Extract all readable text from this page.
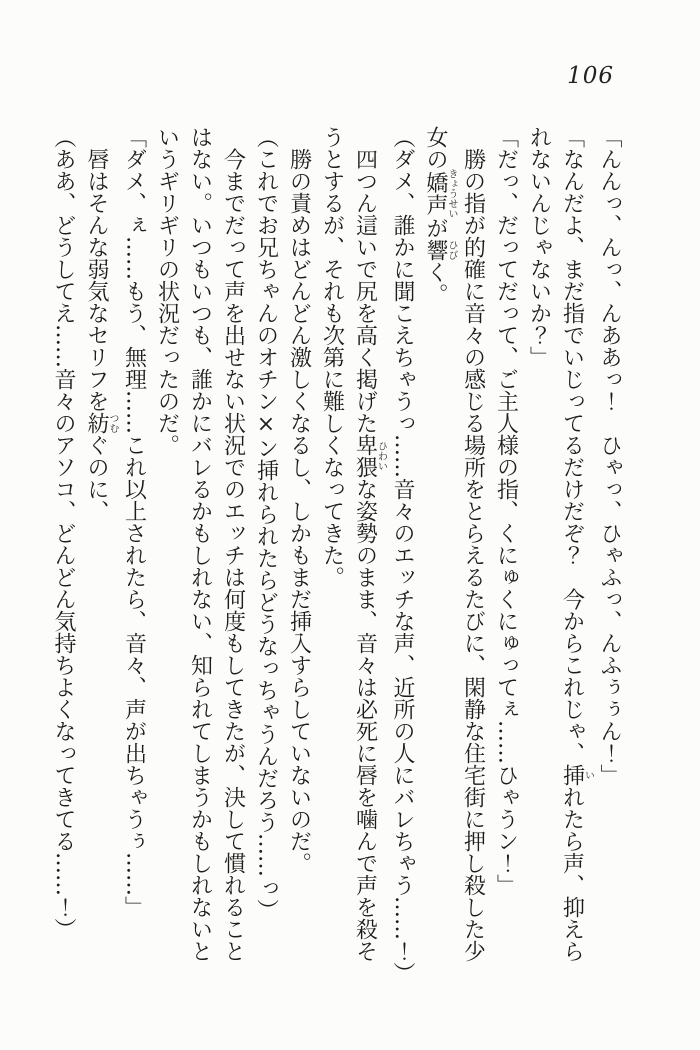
106
「んんっ、んっ、んああっ！　ひゃっ、ひゃふっ、んふぅぅん！」
「なんだよ、まだ指でいじってるだけだぞ？　今からこれじゃ、挿いれたら声、抑えら
れないんじゃないか？」
「だっ、だってだって、ご主人様の指、くにゅくにゅってぇ……ひゃうン！」
　勝の指が的確に音々の感じる場所をとらえるたびに、閑静な住宅街に押し殺した少
女の嬌声きょうせいが響ひびく。
（ダメ、誰かに聞こえちゃうっ……音々のエッチな声、近所の人にバレちゃう……！）
　四つん這いで尻を高く掲げた卑猥ひわいな姿勢のまま、音々は必死に唇を噛んで声を殺そ
うとするが、それも次第に難しくなってきた。
　勝の責めはどんどん激しくなるし、しかもまだ挿入すらしていないのだ。
（これでお兄ちゃんのオチン×ン挿れられたらどうなっちゃうんだろう……っ）
　今までだって声を出せない状況でのエッチは何度もしてきたが、決して慣れること
はない。いつもいつも、誰かにバレるかもしれない、知られてしまうかもしれないと
いうギリギリの状況だったのだ。
「ダメ、ぇ……もう、無理……これ以上されたら、音々、声が出ちゃうぅ……」
　唇はそんな弱気なセリフを紡つむぐのに、
（ああ、どうしてえ……音々のアソコ、どんどん気持ちよくなってきてる……！）
